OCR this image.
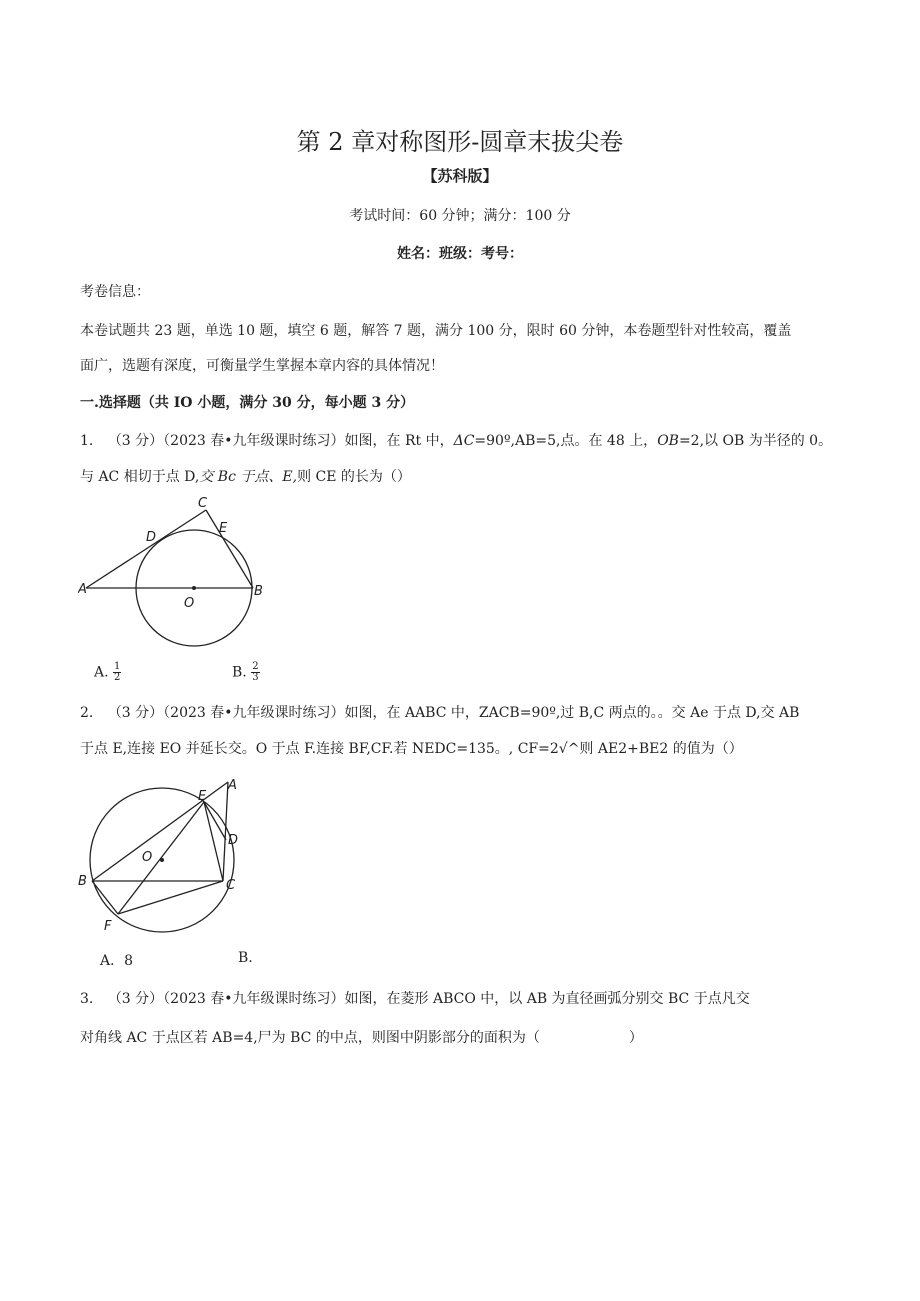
第 2 章对称图形-圆章末拔尖卷
【苏科版】
考试时间：60 分钟；满分：100 分
姓名：班级：考号：
考卷信息：
本卷试题共 23 题，单选 10 题，填空 6 题，解答 7 题，满分 100 分，限时 60 分钟，本卷题型针对性较高，覆盖
面广，选题有深度，可衡量学生掌握本章内容的具体情况！
一.选择题（共 IO 小题，满分 30 分，每小题 3 分）
1. （3 分）（2023 春•九年级课时练习）如图，在 Rt 中，ΔC=90º,AB=5,点。在 48 上，OB=2,以 OB 为半径的 0。
与 AC 相切于点 D,交 Bc 于点、E,则 CE 的长为（）
A	B
C
D
E
O
A. $\frac{1}{2}$	B. $\frac{2}{3}$
2. （3 分）（2023 春•九年级课时练习）如图，在 AABC 中，ZACB=90º,过 B,C 两点的。。交 Ae 于点 D,交 AB
于点 E,连接 EO 并延长交。O 于点 F.连接 BF,CF.若 NEDC=135。, CF=2√^则 AE2+BE2 的值为（）
B	C
A
E
D
O
F
A．8	B.
3. （3 分）（2023 春•九年级课时练习）如图，在菱形 ABCO 中，以 AB 为直径画弧分别交 BC 于点凡交
对角线 AC 于点区若 AB=4,尸为 BC 的中点，则图中阴影部分的面积为（                    ）
